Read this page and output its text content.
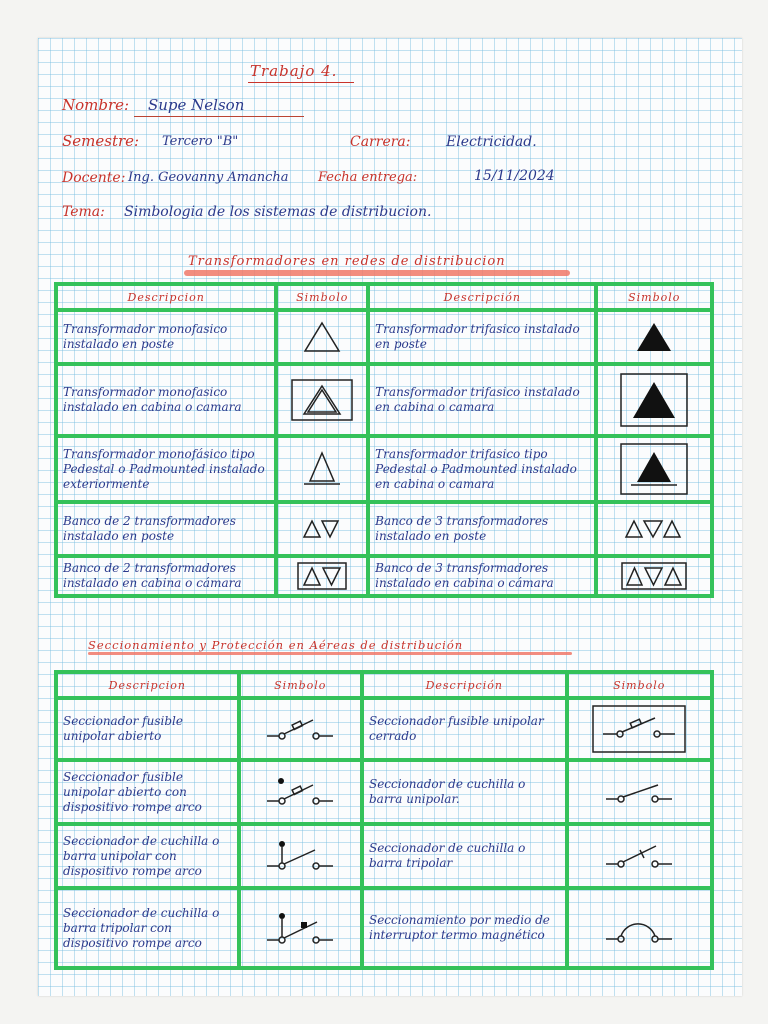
Trabajo 4.
Nombre: Supe Nelson
Semestre: Tercero "B"	Carrera:	Electricidad.
Docente: Ing. Geovanny Amancha Fecha entrega:	15/11/2024
Tema: Simbologia de los sistemas de distribucion.
Transformadores en redes de distribucion
Descripcion	Simbolo	Descripción	Simbolo
Transformador monofasico instalado en poste		Transformador trifasico instalado en poste	

Transformador monofasico instalado en cabina o camara		Transformador trifasico instalado en cabina o camara	

Transformador monofásico tipo Pedestal o Padmounted instalado exteriormente		Transformador trifasico tipo Pedestal o Padmounted instalado en cabina o camara	

Banco de 2 transformadores instalado en poste		Banco de 3 transformadores instalado en poste	

Banco de 2 transformadores instalado en cabina o cámara		Banco de 3 transformadores instalado en cabina o cámara	
Seccionamiento y Protección en Aéreas de distribución
Descripcion	Simbolo	Descripción	Simbolo
Seccionador fusible unipolar abierto		Seccionador fusible unipolar cerrado	

Seccionador fusible unipolar abierto con dispositivo rompe arco		Seccionador de cuchilla o barra unipolar.	

Seccionador de cuchilla o barra unipolar con dispositivo rompe arco		Seccionador de cuchilla o barra tripolar	

Seccionador de cuchilla o barra tripolar con dispositivo rompe arco		Seccionamiento por medio de interruptor termo magnético	
